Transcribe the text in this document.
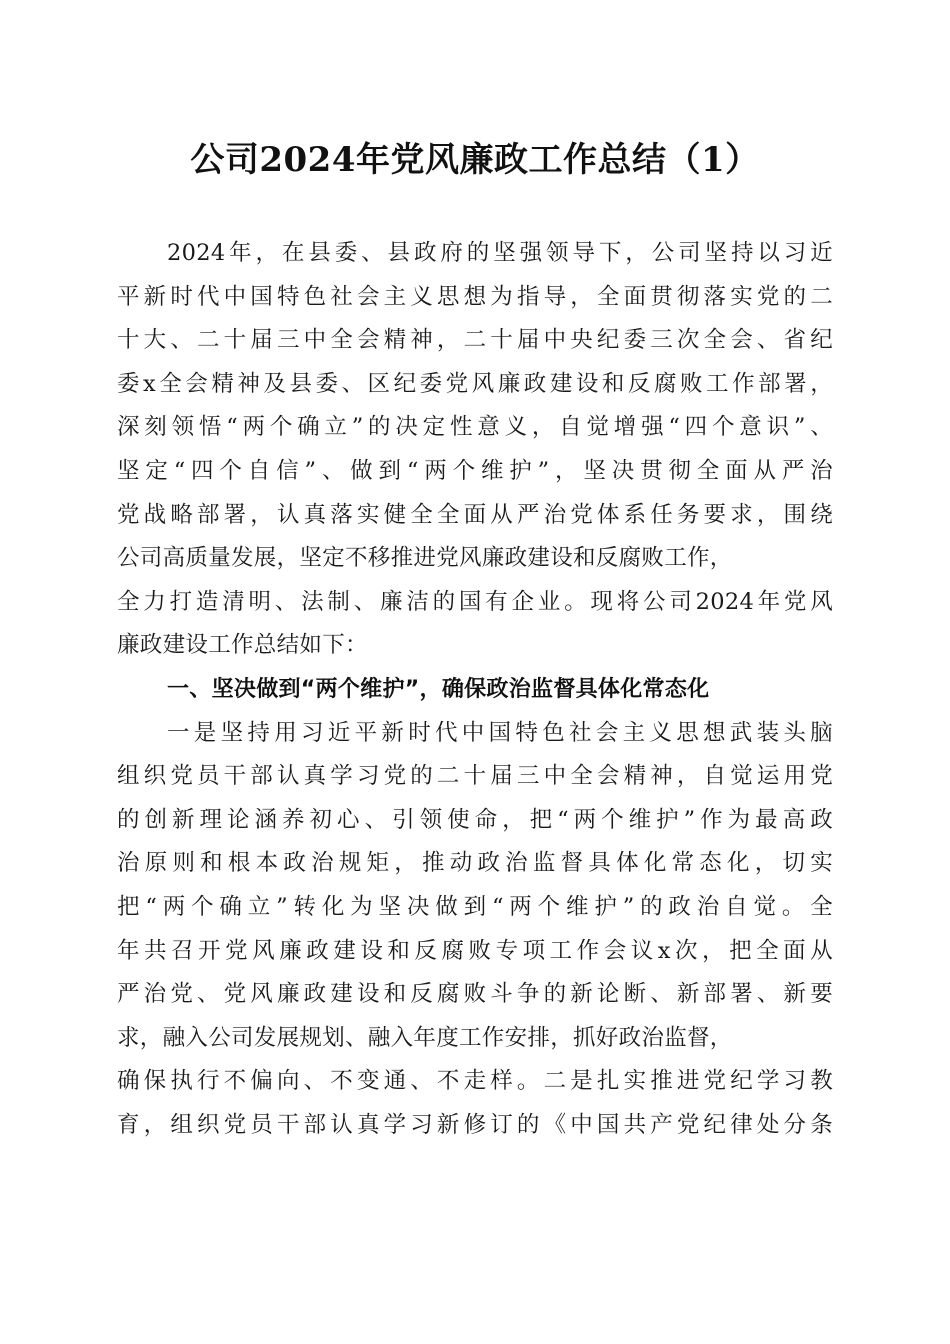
公司2024年党风廉政工作总结（1）
2024年，在县委、县政府的坚强领导下，公司坚持以习近
平新时代中国特色社会主义思想为指导，全面贯彻落实党的二
十大、二十届三中全会精神，二十届中央纪委三次全会、省纪
委x全会精神及县委、区纪委党风廉政建设和反腐败工作部署，
深刻领悟“两个确立”的决定性意义，自觉增强“四个意识”、
坚定“四个自信”、做到“两个维护”，坚决贯彻全面从严治
党战略部署，认真落实健全全面从严治党体系任务要求，围绕
公司高质量发展，坚定不移推进党风廉政建设和反腐败工作，
全力打造清明、法制、廉洁的国有企业。现将公司2024年党风
廉政建设工作总结如下：
一、坚决做到“两个维护”，确保政治监督具体化常态化
一是坚持用习近平新时代中国特色社会主义思想武装头脑
组织党员干部认真学习党的二十届三中全会精神，自觉运用党
的创新理论涵养初心、引领使命，把“两个维护”作为最高政
治原则和根本政治规矩，推动政治监督具体化常态化，切实
把“两个确立”转化为坚决做到“两个维护”的政治自觉。全
年共召开党风廉政建设和反腐败专项工作会议x次，把全面从
严治党、党风廉政建设和反腐败斗争的新论断、新部署、新要
求，融入公司发展规划、融入年度工作安排，抓好政治监督，
确保执行不偏向、不变通、不走样。二是扎实推进党纪学习教
育，组织党员干部认真学习新修订的《中国共产党纪律处分条
